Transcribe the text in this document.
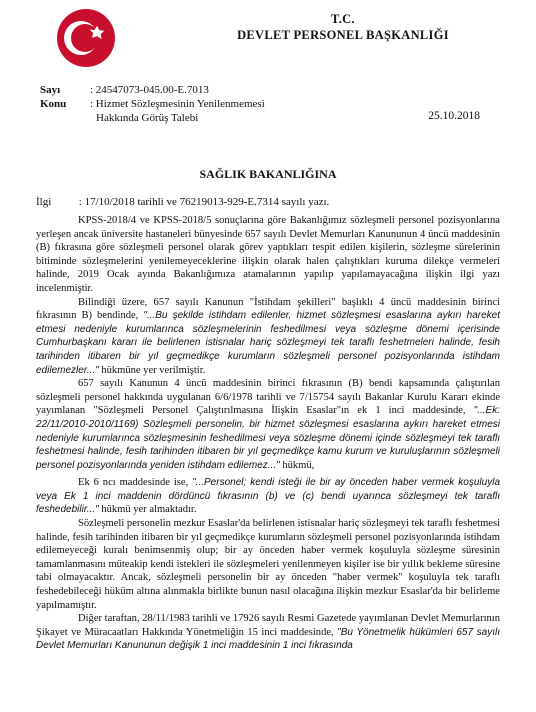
T.C.
DEVLET PERSONEL BAŞKANLIĞI
Sayı	: 24547073-045.00-E.7013
Konu : Hizmet Sözleşmesinin Yenilenmemesi
Hakkında Görüş Talebi	25.10.2018
SAĞLIK BAKANLIĞINA
İlgi	: 17/10/2018 tarihli ve 76219013-929-E.7314 sayılı yazı.

KPSS-2018/4 ve KPSS-2018/5 sonuçlarına göre Bakanlığımız sözleşmeli personel pozisyonlarına yerleşen ancak üniversite hastaneleri bünyesinde 657 sayılı Devlet Memurları Kanununun 4 üncü maddesinin (B) fıkrasına göre sözleşmeli personel olarak görev yaptıkları tespit edilen kişilerin, sözleşme sürelerinin bitiminde sözleşmelerini yenilemeyeceklerine ilişkin olarak halen çalıştıkları kuruma dilekçe vermeleri halinde, 2019 Ocak ayında Bakanlığımıza atamalarının yapılıp yapılamayacağına ilişkin ilgi yazı incelenmiştir.

Bilindiği üzere, 657 sayılı Kanunun "İstihdam şekilleri" başlıklı 4 üncü maddesinin birinci fıkrasının B) bendinde, "...Bu şekilde istihdam edilenler, hizmet sözleşmesi esaslarına aykırı hareket etmesi nedeniyle kurumlarınca sözleşmelerinin feshedilmesi veya sözleşme dönemi içerisinde Cumhurbaşkanı kararı ile belirlenen istisnalar hariç sözleşmeyi tek taraflı feshetmeleri halinde, fesih tarihinden itibaren bir yıl geçmedikçe kurumların sözleşmeli personel pozisyonlarında istihdam edilemezler..." hükmüne yer verilmiştir.

657 sayılı Kanunun 4 üncü maddesinin birinci fıkrasının (B) bendi kapsamında çalıştırılan sözleşmeli personel hakkında uygulanan 6/6/1978 tarihli ve 7/15754 sayılı Bakanlar Kurulu Kararı ekinde yayımlanan "Sözleşmeli Personel Çalıştırılmasına İlişkin Esaslar"ın ek 1 inci maddesinde, "...Ek: 22/11/2010-2010/1169) Sözleşmeli personelin, bir hizmet sözleşmesi esaslarına aykırı hareket etmesi nedeniyle kurumlarınca sözleşmesinin feshedilmesi veya sözleşme dönemi içinde sözleşmeyi tek taraflı feshetmesi halinde, fesih tarihinden itibaren bir yıl geçmedikçe kamu kurum ve kuruluşlarının sözleşmeli personel pozisyonlarında yeniden istihdam edilemez..." hükmü,

Ek 6 ncı maddesinde ise, "...Personel; kendi isteği ile bir ay önceden haber vermek koşuluyla veya Ek 1 inci maddenin dördüncü fıkrasının (b) ve (c) bendi uyarınca sözleşmeyi tek taraflı feshedebilir..." hükmü yer almaktadır.

Sözleşmeli personelin mezkur Esaslar'da belirlenen istisnalar hariç sözleşmeyi tek taraflı feshetmesi halinde, fesih tarihinden itibaren bir yıl geçmedikçe kurumların sözleşmeli personel pozisyonlarında istihdam edilemeyeceği kuralı benimsenmiş olup; bir ay önceden haber vermek koşuluyla sözleşme süresinin tamamlanmasını müteakip kendi istekleri ile sözleşmeleri yenilenmeyen kişiler ise bir yıllık bekleme süresine tabi olmayacaktır. Ancak, sözleşmeli personelin bir ay önceden "haber vermek" koşuluyla tek taraflı feshedebileceği hüküm altına alınmakla birlikte bunun nasıl olacağına ilişkin mezkur Esaslar'da bir belirleme yapılmamıştır.

Diğer taraftan, 28/11/1983 tarihli ve 17926 sayılı Resmi Gazetede yayımlanan Devlet Memurlarının Şikayet ve Müracaatları Hakkında Yönetmeliğin 15 inci maddesinde, "Bu Yönetmelik hükümleri 657 sayılı Devlet Memurları Kanununun değişik 1 inci maddesinin 1 inci fıkrasında
